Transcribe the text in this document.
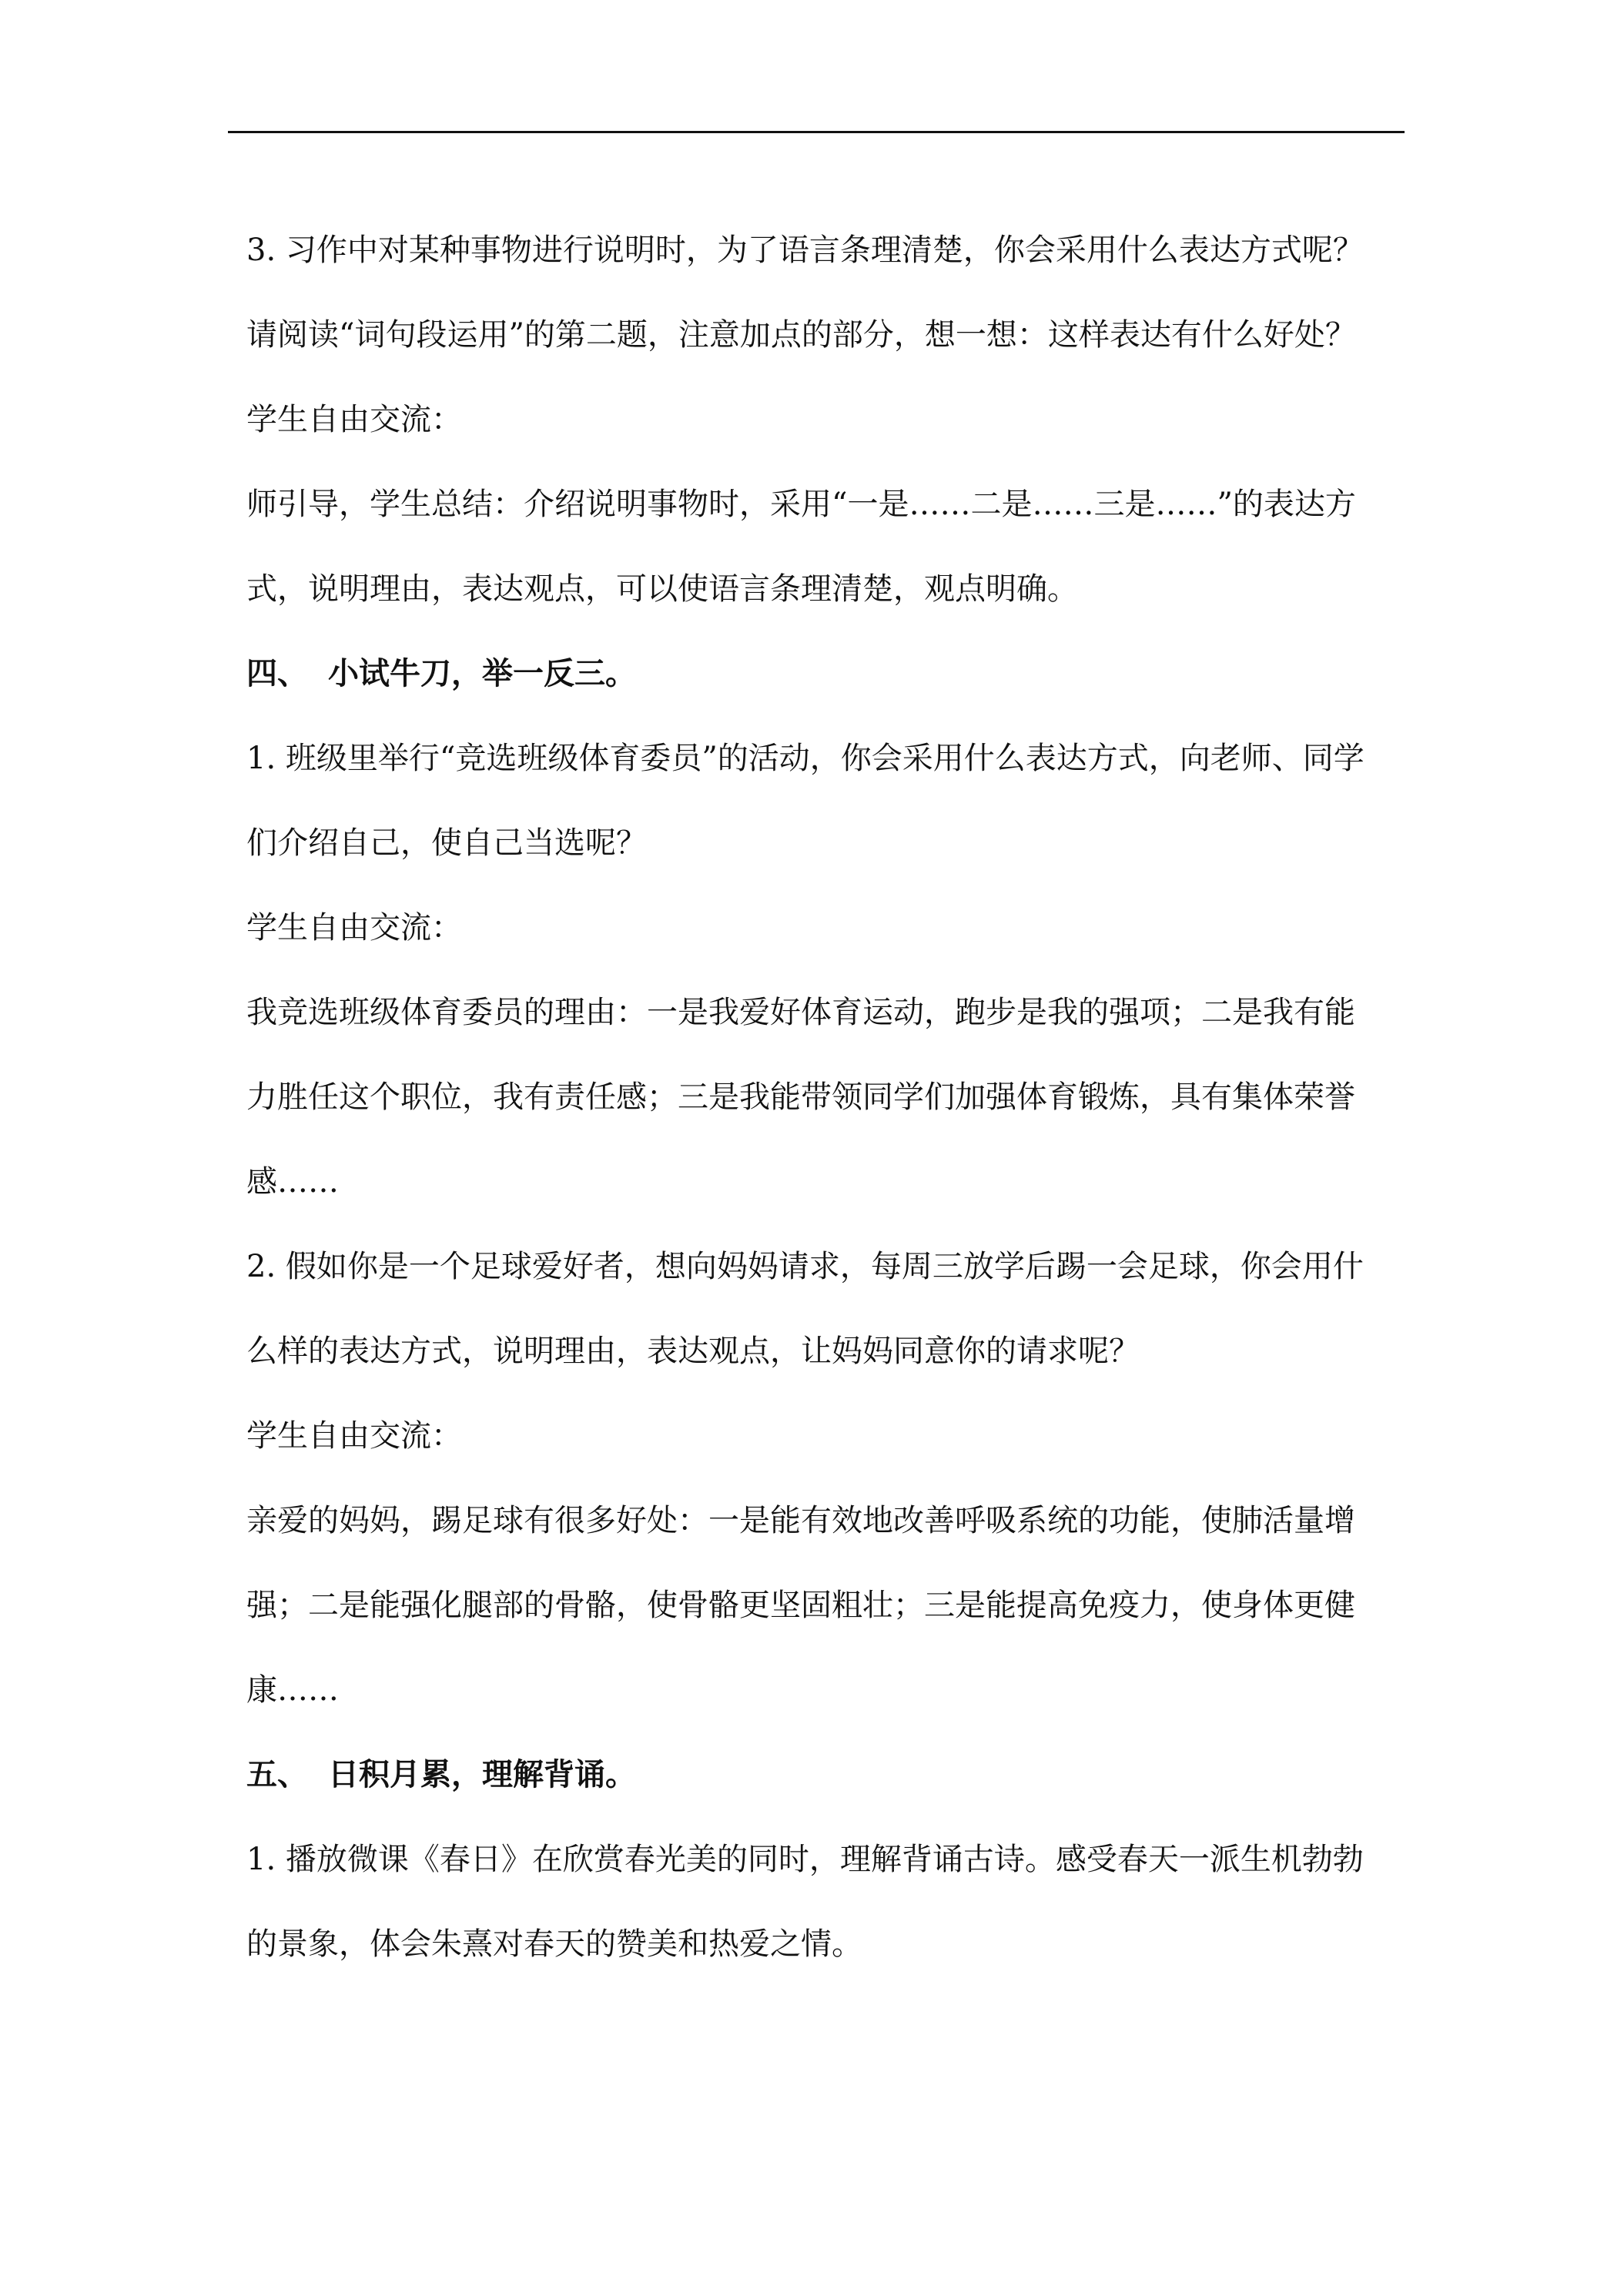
3. 习作中对某种事物进行说明时，为了语言条理清楚，你会采用什么表达方式呢？请阅读“词句段运用”的第二题，注意加点的部分，想一想：这样表达有什么好处？

学生自由交流：

师引导，学生总结：介绍说明事物时，采用“一是……二是……三是……”的表达方式，说明理由，表达观点，可以使语言条理清楚，观点明确。

四、 小试牛刀，举一反三。

1. 班级里举行“竞选班级体育委员”的活动，你会采用什么表达方式，向老师、同学们介绍自己，使自己当选呢？

学生自由交流：

我竞选班级体育委员的理由：一是我爱好体育运动，跑步是我的强项；二是我有能力胜任这个职位，我有责任感；三是我能带领同学们加强体育锻炼，具有集体荣誉感……

2. 假如你是一个足球爱好者，想向妈妈请求，每周三放学后踢一会足球，你会用什么样的表达方式，说明理由，表达观点，让妈妈同意你的请求呢？

学生自由交流：

亲爱的妈妈，踢足球有很多好处：一是能有效地改善呼吸系统的功能，使肺活量增强；二是能强化腿部的骨骼，使骨骼更坚固粗壮；三是能提高免疫力，使身体更健康……

五、 日积月累，理解背诵。

1. 播放微课《春日》在欣赏春光美的同时，理解背诵古诗。感受春天一派生机勃勃的景象，体会朱熹对春天的赞美和热爱之情。
